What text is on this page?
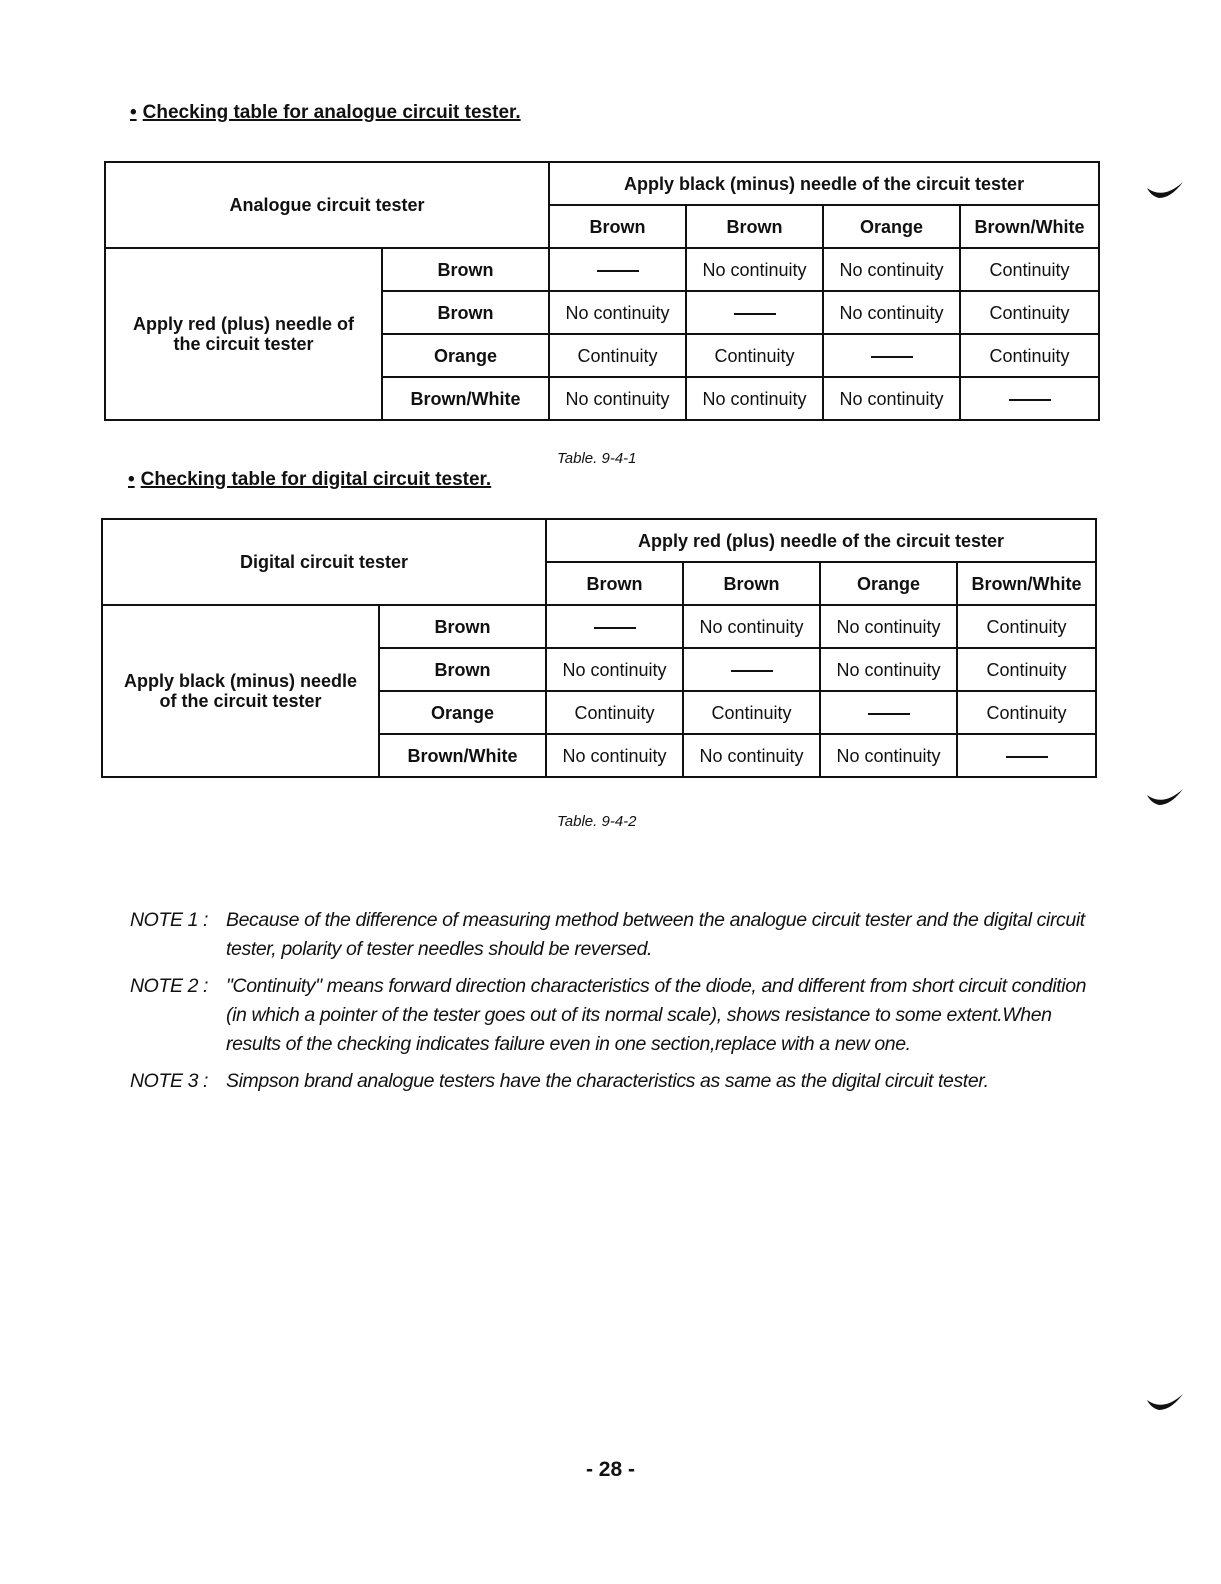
• Checking table for analogue circuit tester.
Analogue circuit tester		Apply black (minus) needle of the circuit tester			
		Brown	Brown	Orange	Brown/White
Apply red (plus) needle of the circuit tester	Brown		No continuity	No continuity	Continuity
	Brown	No continuity		No continuity	Continuity
	Orange	Continuity	Continuity		Continuity
	Brown/White	No continuity	No continuity	No continuity	
Table. 9-4-1
• Checking table for digital circuit tester.
Digital circuit tester		Apply red (plus) needle of the circuit tester			
		Brown	Brown	Orange	Brown/White
Apply black (minus) needle of the circuit tester	Brown		No continuity	No continuity	Continuity
	Brown	No continuity		No continuity	Continuity
	Orange	Continuity	Continuity		Continuity
	Brown/White	No continuity	No continuity	No continuity	
Table. 9-4-2
NOTE 1 : Because of the difference of measuring method between the analogue circuit tester and the digital circuit tester, polarity of tester needles should be reversed.
NOTE 2 : "Continuity" means forward direction characteristics of the diode, and different from short circuit condition (in which a pointer of the tester goes out of its normal scale), shows resistance to some extent.When results of the checking indicates failure even in one section,replace with a new one.
NOTE 3 : Simpson brand analogue testers have the characteristics as same as the digital circuit tester.
- 28 -
